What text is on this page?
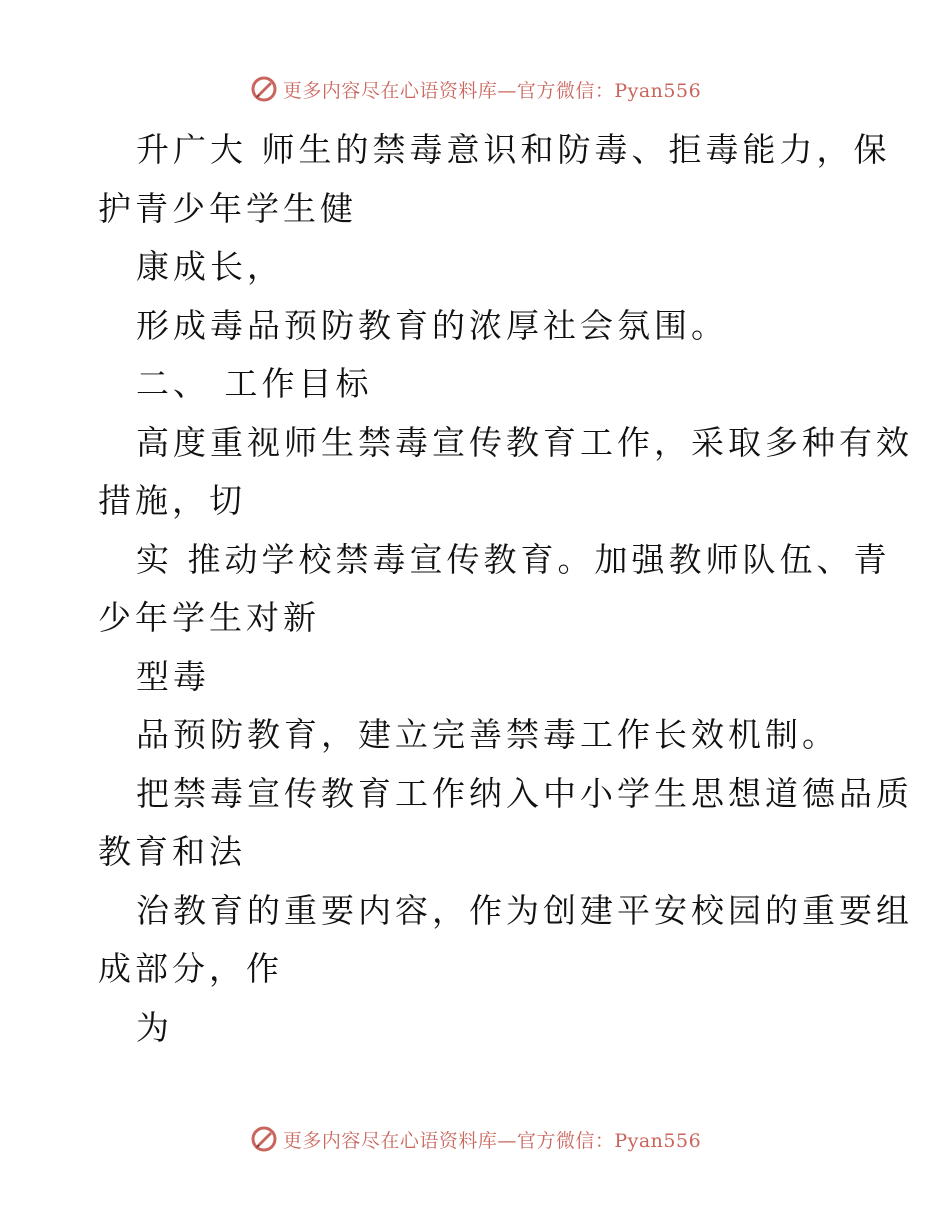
更多内容尽在心语资料库—官方微信：Pyan556
升广大 师生的禁毒意识和防毒、拒毒能力，保
护青少年学生健
康成长，
形成毒品预防教育的浓厚社会氛围。
二、 工作目标
高度重视师生禁毒宣传教育工作，采取多种有效
措施，切
实 推动学校禁毒宣传教育。加强教师队伍、青
少年学生对新
型毒
品预防教育，建立完善禁毒工作长效机制。
把禁毒宣传教育工作纳入中小学生思想道德品质
教育和法
治教育的重要内容，作为创建平安校园的重要组
成部分，作
为
更多内容尽在心语资料库—官方微信：Pyan556
